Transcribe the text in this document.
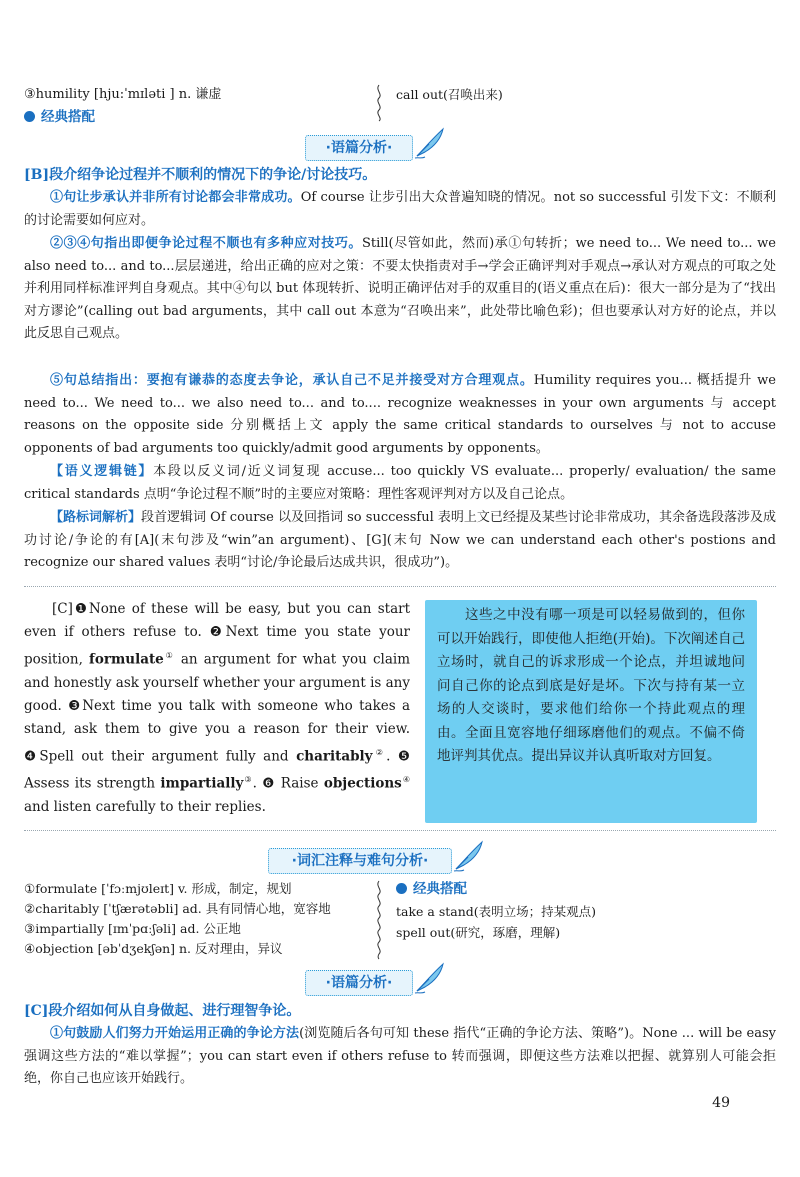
③humility [hju:ˈmɪləti ] n. 谦虚
经典搭配
call out(召唤出来)
·语篇分析·
[B]段介绍争论过程并不顺利的情况下的争论/讨论技巧。
①句让步承认并非所有讨论都会非常成功。Of course 让步引出大众普遍知晓的情况。not so successful 引发下文：不顺利的讨论需要如何应对。
②③④句指出即便争论过程不顺也有多种应对技巧。Still(尽管如此，然而)承①句转折；we need to... We need to... we also need to... and to...层层递进，给出正确的应对之策：不要太快指责对手→学会正确评判对手观点→承认对方观点的可取之处并利用同样标准评判自身观点。其中④句以 but 体现转折、说明正确评估对手的双重目的(语义重点在后)：很大一部分是为了“找出对方谬论”(calling out bad arguments，其中 call out 本意为“召唤出来”，此处带比喻色彩)；但也要承认对方好的论点，并以此反思自己观点。
⑤句总结指出：要抱有谦恭的态度去争论，承认自己不足并接受对方合理观点。Humility requires you... 概括提升 we need to... We need to... we also need to... and to.... recognize weaknesses in your own arguments 与 accept reasons on the opposite side 分别概括上文 apply the same critical standards to ourselves 与 not to accuse opponents of bad arguments too quickly/admit good arguments by opponents。
【语义逻辑链】本段以反义词/近义词复现 accuse... too quickly VS evaluate... properly/ evaluation/ the same critical standards 点明“争论过程不顺”时的主要应对策略：理性客观评判对方以及自己论点。
【路标词解析】段首逻辑词 Of course 以及回指词 so successful 表明上文已经提及某些讨论非常成功，其余备选段落涉及成功讨论/争论的有[A](末句涉及“win”an argument)、[G](末句 Now we can understand each other's postions and recognize our shared values 表明“讨论/争论最后达成共识，很成功”)。
[C]❶None of these will be easy, but you can start even if others refuse to. ❷Next time you state your position, formulate① an argument for what you claim and honestly ask yourself whether your argument is any good. ❸Next time you talk with someone who takes a stand, ask them to give you a reason for their view. ❹Spell out their argument fully and charitably②. ❺ Assess its strength impartially③. ❻ Raise objections④ and listen carefully to their replies.
这些之中没有哪一项是可以轻易做到的，但你可以开始践行，即使他人拒绝(开始)。下次阐述自己立场时，就自己的诉求形成一个论点，并坦诚地问问自己你的论点到底是好是坏。下次与持有某一立场的人交谈时，要求他们给你一个持此观点的理由。全面且宽容地仔细琢磨他们的观点。不偏不倚地评判其优点。提出异议并认真听取对方回复。
·词汇注释与难句分析·
①formulate [ˈfɔːmjʊleɪt] v. 形成，制定，规划
②charitably [ˈtʃærətəbli] ad. 具有同情心地，宽容地
③impartially [ɪmˈpɑːʃəli] ad. 公正地
④objection [əbˈdʒekʃən] n. 反对理由，异议
经典搭配
take a stand(表明立场；持某观点)
spell out(研究，琢磨，理解)
·语篇分析·
[C]段介绍如何从自身做起、进行理智争论。
①句鼓励人们努力开始运用正确的争论方法(浏览随后各句可知 these 指代“正确的争论方法、策略”)。None ... will be easy 强调这些方法的“难以掌握”；you can start even if others refuse to 转而强调，即便这些方法难以把握、就算别人可能会拒绝，你自己也应该开始践行。
49
